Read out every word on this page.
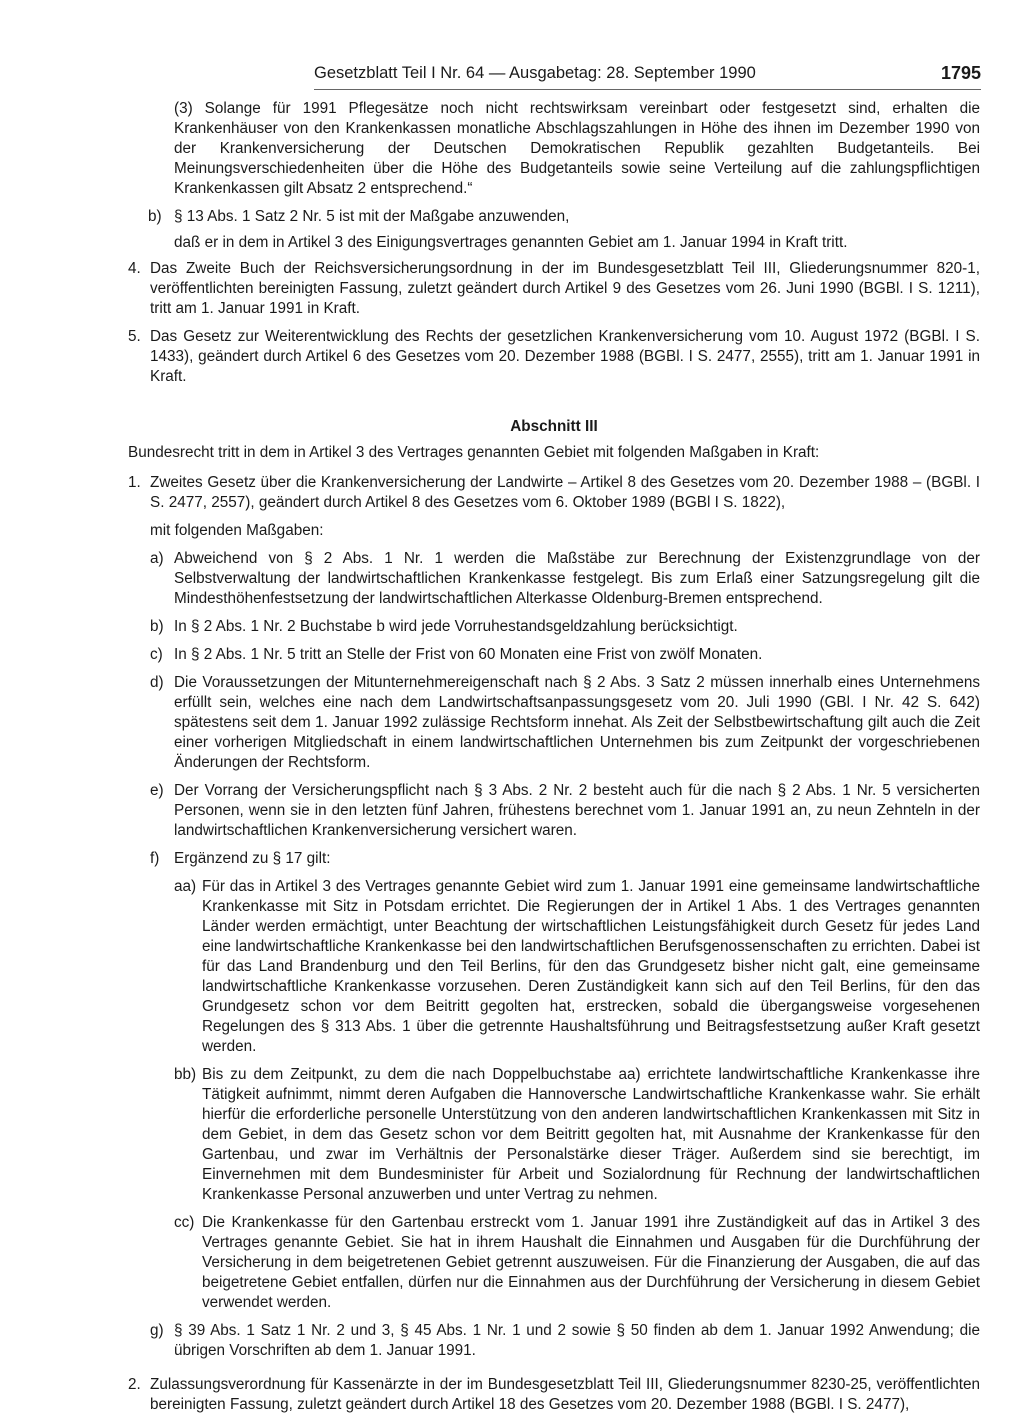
Gesetzblatt Teil I Nr. 64 — Ausgabetag: 28. September 1990	1795

(3) Solange für 1991 Pflegesätze noch nicht rechtswirksam vereinbart oder festgesetzt sind, erhalten die Krankenhäuser von den Krankenkassen monatliche Abschlagszahlungen in Höhe des ihnen im Dezember 1990 von der Krankenversicherung der Deutschen Demokratischen Republik gezahlten Budgetanteils. Bei Meinungsverschiedenheiten über die Höhe des Budgetanteils sowie seine Verteilung auf die zahlungspflichtigen Krankenkassen gilt Absatz 2 entsprechend.“

b) § 13 Abs. 1 Satz 2 Nr. 5 ist mit der Maßgabe anzuwenden,

daß er in dem in Artikel 3 des Einigungsvertrages genannten Gebiet am 1. Januar 1994 in Kraft tritt.

4. Das Zweite Buch der Reichsversicherungsordnung in der im Bundesgesetzblatt Teil III, Gliederungsnummer 820-1, veröffentlichten bereinigten Fassung, zuletzt geändert durch Artikel 9 des Gesetzes vom 26. Juni 1990 (BGBl. I S. 1211), tritt am 1. Januar 1991 in Kraft.

5. Das Gesetz zur Weiterentwicklung des Rechts der gesetzlichen Krankenversicherung vom 10. August 1972 (BGBl. I S. 1433), geändert durch Artikel 6 des Gesetzes vom 20. Dezember 1988 (BGBl. I S. 2477, 2555), tritt am 1. Januar 1991 in Kraft.

Abschnitt III

Bundesrecht tritt in dem in Artikel 3 des Vertrages genannten Gebiet mit folgenden Maßgaben in Kraft:

1. Zweites Gesetz über die Krankenversicherung der Landwirte – Artikel 8 des Gesetzes vom 20. Dezember 1988 – (BGBl. I S. 2477, 2557), geändert durch Artikel 8 des Gesetzes vom 6. Oktober 1989 (BGBl I S. 1822),

mit folgenden Maßgaben:

a) Abweichend von § 2 Abs. 1 Nr. 1 werden die Maßstäbe zur Berechnung der Existenzgrundlage von der Selbstverwaltung der landwirtschaftlichen Krankenkasse festgelegt. Bis zum Erlaß einer Satzungsregelung gilt die Mindesthöhenfestsetzung der landwirtschaftlichen Alterkasse Oldenburg-Bremen entsprechend.

b) In § 2 Abs. 1 Nr. 2 Buchstabe b wird jede Vorruhestandsgeldzahlung berücksichtigt.

c) In § 2 Abs. 1 Nr. 5 tritt an Stelle der Frist von 60 Monaten eine Frist von zwölf Monaten.

d) Die Voraussetzungen der Mitunternehmereigenschaft nach § 2 Abs. 3 Satz 2 müssen innerhalb eines Unternehmens erfüllt sein, welches eine nach dem Landwirtschaftsanpassungsgesetz vom 20. Juli 1990 (GBl. I Nr. 42 S. 642) spätestens seit dem 1. Januar 1992 zulässige Rechtsform innehat. Als Zeit der Selbstbewirtschaftung gilt auch die Zeit einer vorherigen Mitgliedschaft in einem landwirtschaftlichen Unternehmen bis zum Zeitpunkt der vorgeschriebenen Änderungen der Rechtsform.

e) Der Vorrang der Versicherungspflicht nach § 3 Abs. 2 Nr. 2 besteht auch für die nach § 2 Abs. 1 Nr. 5 versicherten Personen, wenn sie in den letzten fünf Jahren, frühestens berechnet vom 1. Januar 1991 an, zu neun Zehnteln in der landwirtschaftlichen Krankenversicherung versichert waren.

f) Ergänzend zu § 17 gilt:

aa) Für das in Artikel 3 des Vertrages genannte Gebiet wird zum 1. Januar 1991 eine gemeinsame landwirtschaftliche Krankenkasse mit Sitz in Potsdam errichtet. Die Regierungen der in Artikel 1 Abs. 1 des Vertrages genannten Länder werden ermächtigt, unter Beachtung der wirtschaftlichen Leistungsfähigkeit durch Gesetz für jedes Land eine landwirtschaftliche Krankenkasse bei den landwirtschaftlichen Berufsgenossenschaften zu errichten. Dabei ist für das Land Brandenburg und den Teil Berlins, für den das Grundgesetz bisher nicht galt, eine gemeinsame landwirtschaftliche Krankenkasse vorzusehen. Deren Zuständigkeit kann sich auf den Teil Berlins, für den das Grundgesetz schon vor dem Beitritt gegolten hat, erstrecken, sobald die übergangsweise vorgesehenen Regelungen des § 313 Abs. 1 über die getrennte Haushaltsführung und Beitragsfestsetzung außer Kraft gesetzt werden.

bb) Bis zu dem Zeitpunkt, zu dem die nach Doppelbuchstabe aa) errichtete landwirtschaftliche Krankenkasse ihre Tätigkeit aufnimmt, nimmt deren Aufgaben die Hannoversche Landwirtschaftliche Krankenkasse wahr. Sie erhält hierfür die erforderliche personelle Unterstützung von den anderen landwirtschaftlichen Krankenkassen mit Sitz in dem Gebiet, in dem das Gesetz schon vor dem Beitritt gegolten hat, mit Ausnahme der Krankenkasse für den Gartenbau, und zwar im Verhältnis der Personalstärke dieser Träger. Außerdem sind sie berechtigt, im Einvernehmen mit dem Bundesminister für Arbeit und Sozialordnung für Rechnung der landwirtschaftlichen Krankenkasse Personal anzuwerben und unter Vertrag zu nehmen.

cc) Die Krankenkasse für den Gartenbau erstreckt vom 1. Januar 1991 ihre Zuständigkeit auf das in Artikel 3 des Vertrages genannte Gebiet. Sie hat in ihrem Haushalt die Einnahmen und Ausgaben für die Durchführung der Versicherung in dem beigetretenen Gebiet getrennt auszuweisen. Für die Finanzierung der Ausgaben, die auf das beigetretene Gebiet entfallen, dürfen nur die Einnahmen aus der Durchführung der Versicherung in diesem Gebiet verwendet werden.

g) § 39 Abs. 1 Satz 1 Nr. 2 und 3, § 45 Abs. 1 Nr. 1 und 2 sowie § 50 finden ab dem 1. Januar 1992 Anwendung; die übrigen Vorschriften ab dem 1. Januar 1991.

2. Zulassungsverordnung für Kassenärzte in der im Bundesgesetzblatt Teil III, Gliederungsnummer 8230-25, veröffentlichten bereinigten Fassung, zuletzt geändert durch Artikel 18 des Gesetzes vom 20. Dezember 1988 (BGBl. I S. 2477),
